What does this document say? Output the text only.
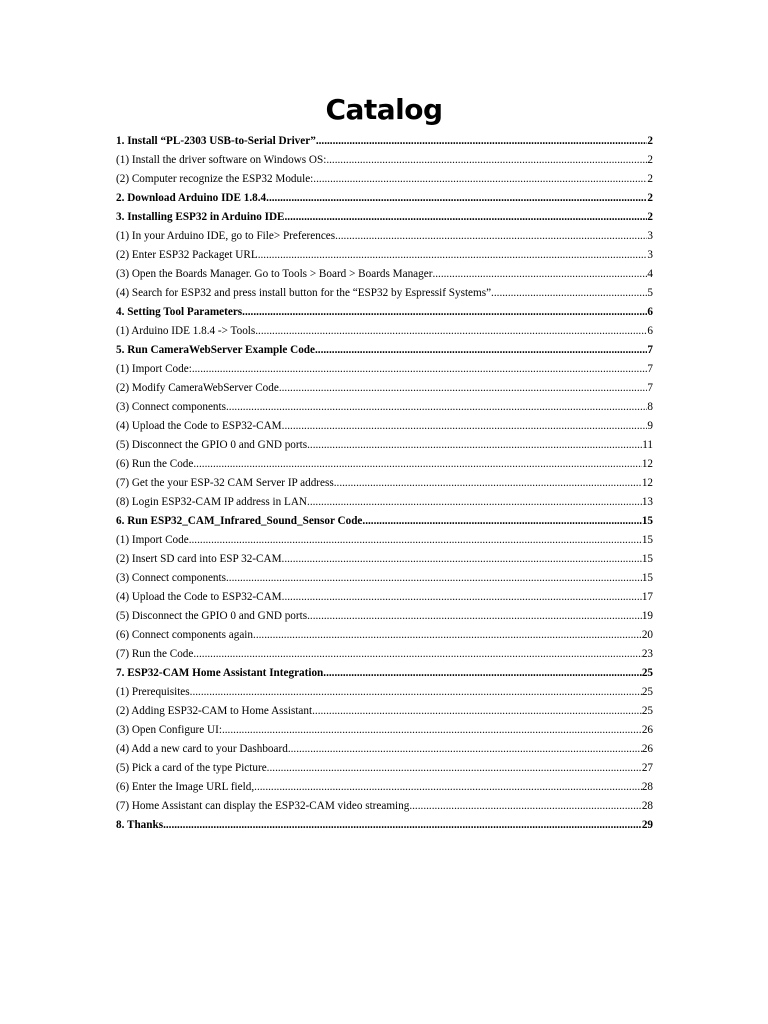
Catalog
1. Install “PL-2303 USB-to-Serial Driver” .....	2
(1) Install the driver software on Windows OS: .....	2
(2) Computer recognize the ESP32 Module: .....	2
2. Download Arduino IDE 1.8.4. .....	2
3. Installing ESP32 in Arduino IDE .....	2
(1) In your Arduino IDE, go to File> Preferences .....	3
(2) Enter ESP32 Packaget URL .....	3
(3) Open the Boards Manager. Go to Tools > Board > Boards Manager .....	4
(4) Search for ESP32 and press install button for the “ESP32 by Espressif Systems” .....	5
4. Setting Tool Parameters .....	6
(1) Arduino IDE 1.8.4 -> Tools .....	6
5. Run CameraWebServer Example Code .....	7
(1) Import Code: .....	7
(2) Modify CameraWebServer Code .....	7
(3) Connect components .....	8
(4) Upload the Code to ESP32-CAM .....	9
(5) Disconnect the GPIO 0 and GND ports .....	11
(6) Run the Code .....	12
(7) Get the your ESP-32 CAM Server IP address .....	12
(8) Login ESP32-CAM IP address in LAN .....	13
6. Run ESP32_CAM_Infrared_Sound_Sensor Code .....	15
(1) Import Code .....	15
(2) Insert SD card into ESP 32-CAM .....	15
(3) Connect components .....	15
(4) Upload the Code to ESP32-CAM .....	17
(5) Disconnect the GPIO 0 and GND ports .....	19
(6) Connect components again .....	20
(7) Run the Code .....	23
7. ESP32-CAM Home Assistant Integration .....	25
(1) Prerequisites .....	25
(2) Adding ESP32-CAM to Home Assistant .....	25
(3) Open Configure UI: .....	26
(4) Add a new card to your Dashboard .....	26
(5) Pick a card of the type Picture .....	27
(6) Enter the Image URL field, .....	28
(7) Home Assistant can display the ESP32-CAM video streaming .....	28
8. Thanks .....	29
